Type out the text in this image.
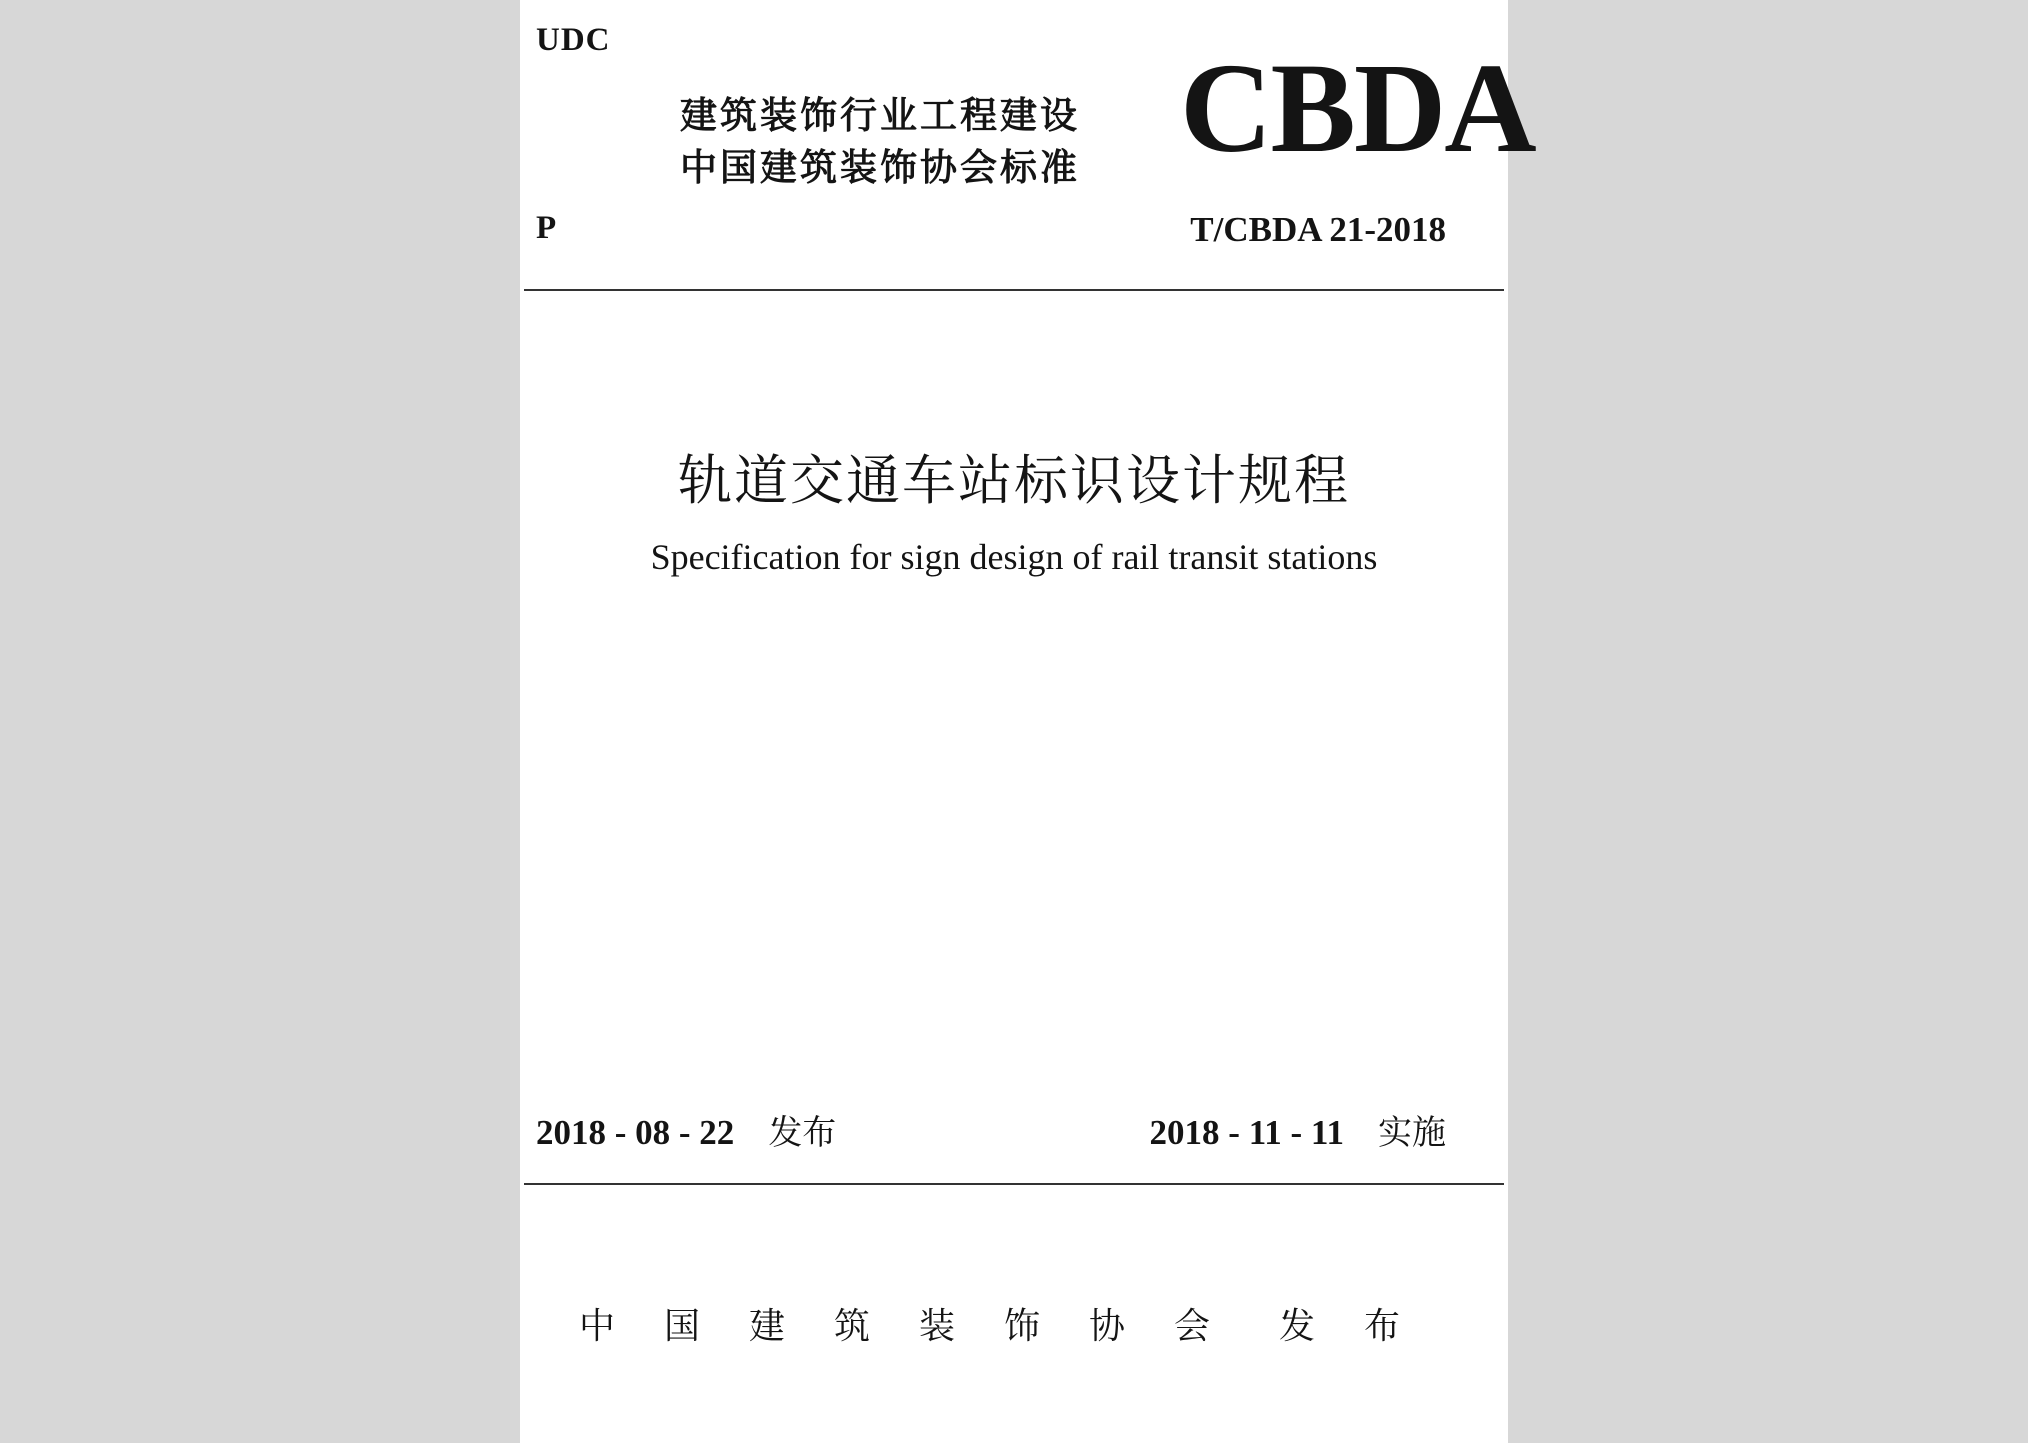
UDC
建筑装饰行业工程建设
中国建筑装饰协会标准 CBDA
P	T/CBDA 21-2018
轨道交通车站标识设计规程
Specification for sign design of rail transit stations
2018 - 08 - 22 发布	2018 - 11 - 11 实施
中国建筑装饰协会 发布
